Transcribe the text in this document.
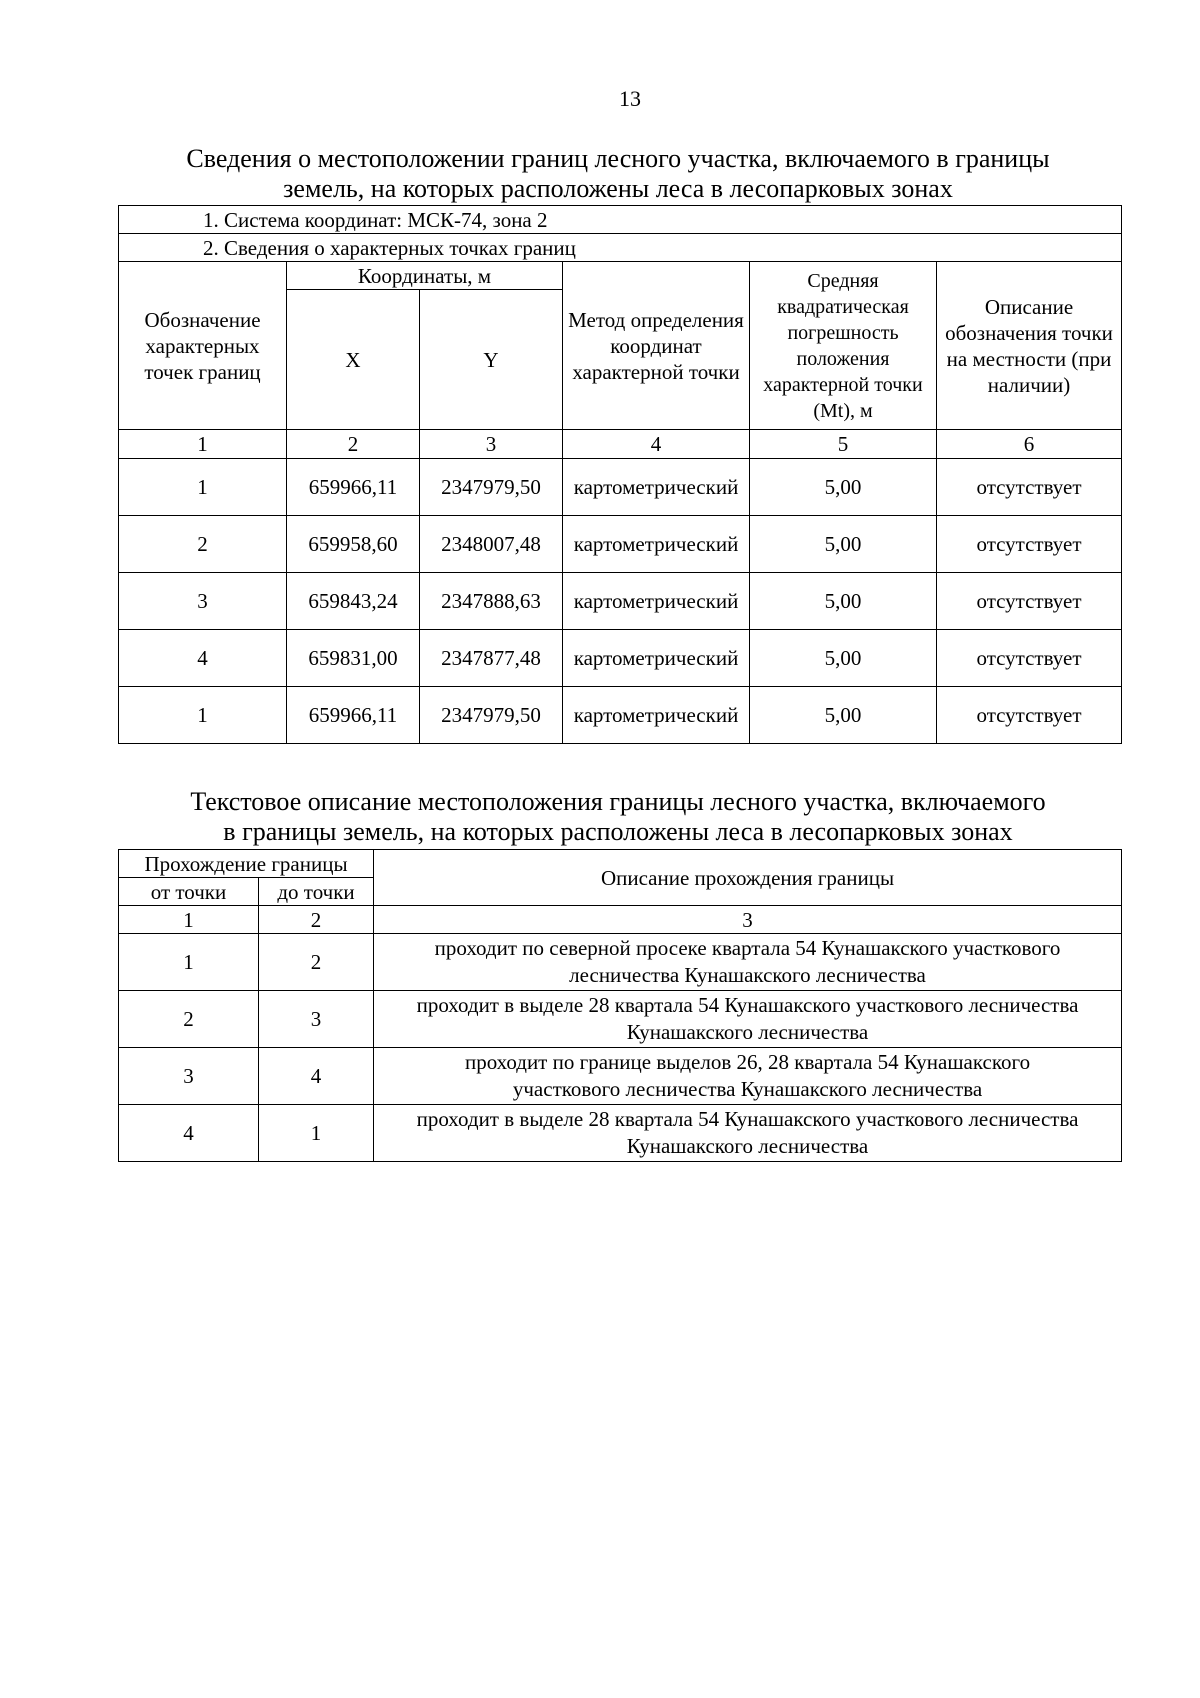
13
Сведения о местоположении границ лесного участка, включаемого в границы
земель, на которых расположены леса в лесопарковых зонах
1. Система координат: МСК-74, зона 2					
2. Сведения о характерных точках границ					
Обозначение характерных точек границ	Координаты, м		Метод определения координат характерной точки	Средняя квадратическая погрешность положения характерной точки (Mt), м	Описание обозначения точки на местности (при наличии)
	X	Y			
1	2	3	4	5	6
1	659966,11	2347979,50	картометрический	5,00	отсутствует
2	659958,60	2348007,48	картометрический	5,00	отсутствует
3	659843,24	2347888,63	картометрический	5,00	отсутствует
4	659831,00	2347877,48	картометрический	5,00	отсутствует
1	659966,11	2347979,50	картометрический	5,00	отсутствует
Текстовое описание местоположения границы лесного участка, включаемого
в границы земель, на которых расположены леса в лесопарковых зонах
Прохождение границы		Описание прохождения границы
от точки	до точки	
1	2	3
1	2	проходит по северной просеке квартала 54 Кунашакского участкового лесничества Кунашакского лесничества
2	3	проходит в выделе 28 квартала 54 Кунашакского участкового лесничества Кунашакского лесничества
3	4	проходит по границе выделов 26, 28 квартала 54 Кунашакского участкового лесничества Кунашакского лесничества
4	1	проходит в выделе 28 квартала 54 Кунашакского участкового лесничества Кунашакского лесничества
